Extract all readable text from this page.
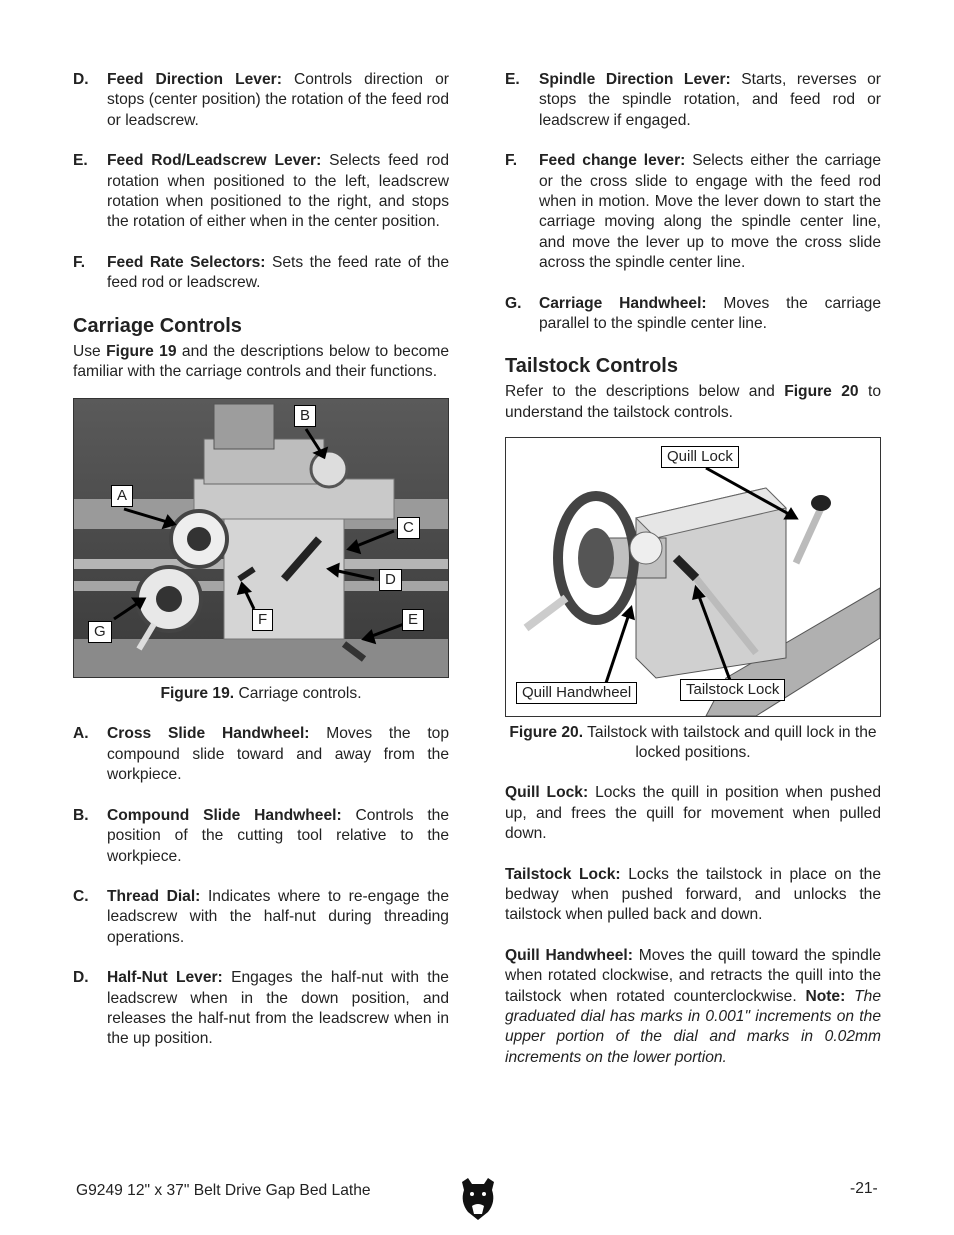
D. Feed Direction Lever: Controls direction or stops (center position) the rotation of the feed rod or leadscrew.
E. Feed Rod/Leadscrew Lever: Selects feed rod rotation when positioned to the left, leadscrew rotation when positioned to the right, and stops the rotation of either when in the center position.
F. Feed Rate Selectors: Sets the feed rate of the feed rod or leadscrew.
Carriage Controls

Use Figure 19 and the descriptions below to become familiar with the carriage controls and their functions.

B
A
C
D
E
F
G
Figure 19. Carriage controls.
A. Cross Slide Handwheel: Moves the top compound slide toward and away from the workpiece.
B. Compound Slide Handwheel: Controls the position of the cutting tool relative to the workpiece.
C. Thread Dial: Indicates where to re-engage the leadscrew with the half-nut during threading operations.
D. Half-Nut Lever: Engages the half-nut with the leadscrew when in the down position, and releases the half-nut from the leadscrew when in the up position.
E. Spindle Direction Lever: Starts, reverses or stops the spindle rotation, and feed rod or leadscrew if engaged.
F. Feed change lever: Selects either the carriage or the cross slide to engage with the feed rod when in motion. Move the lever down to start the carriage moving along the spindle center line, and move the lever up to move the cross slide across the spindle center line.
G. Carriage Handwheel: Moves the carriage parallel to the spindle center line.
Tailstock Controls

Refer to the descriptions below and Figure 20 to understand the tailstock controls.

Quill Lock
Quill Handwheel	Tailstock Lock
Figure 20. Tailstock with tailstock and quill lock in the locked positions.

Quill Lock: Locks the quill in position when pushed up, and frees the quill for movement when pulled down.

Tailstock Lock: Locks the tailstock in place on the bedway when pushed forward, and unlocks the tailstock when pulled back and down.

Quill Handwheel: Moves the quill toward the spindle when rotated clockwise, and retracts the quill into the tailstock when rotated counterclockwise. Note: The graduated dial has marks in 0.001" increments on the upper portion of the dial and marks in 0.02mm increments on the lower portion.

G9249 12" x 37" Belt Drive Gap Bed Lathe	-21-
